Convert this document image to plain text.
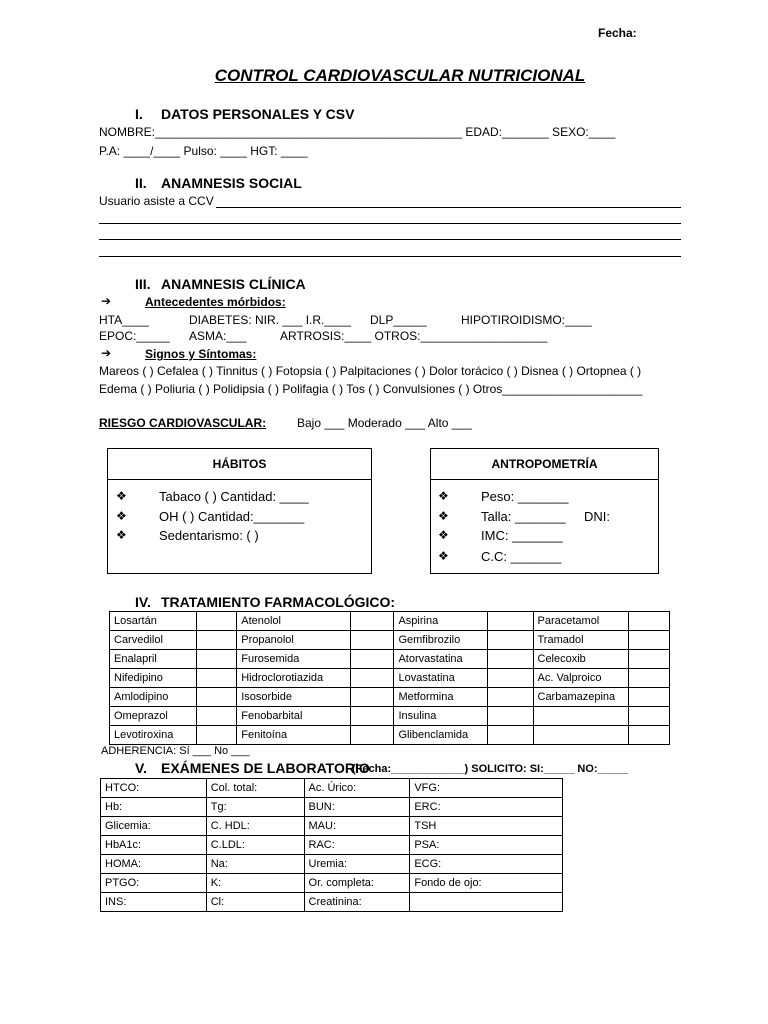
Fecha:
CONTROL CARDIOVASCULAR NUTRICIONAL
I. DATOS PERSONALES Y CSV
NOMBRE:______________________________________________ EDAD:_______ SEXO:____
P.A: ____/____ Pulso: ____ HGT: ____
II. ANAMNESIS SOCIAL
Usuario asiste a CCV
III. ANAMNESIS CLÍNICA
➔	Antecedentes mórbidos:
HTA____	DIABETES: NIR. ___ I.R.____ DLP_____	HIPOTIROIDISMO:____
EPOC:_____ ASMA:___	ARTROSIS:____ OTROS:___________________
➔	Signos y Síntomas:
Mareos ( ) Cefalea ( ) Tinnitus ( ) Fotopsia ( ) Palpitaciones ( ) Dolor torácico ( ) Disnea ( ) Ortopnea ( )
Edema ( ) Poliuria ( ) Polidipsia ( ) Polifagia ( ) Tos ( ) Convulsiones ( ) Otros_____________________
RIESGO CARDIOVASCULAR:	Bajo ___ Moderado ___ Alto ___
HÁBITOS
❖ Tabaco ( ) Cantidad: ____
❖ OH ( ) Cantidad:_______
❖ Sedentarismo: ( )
ANTROPOMETRÍA
❖ Peso: _______
❖ Talla: _______ DNI:
❖ IMC: _______
❖ C.C: _______
IV. TRATAMIENTO FARMACOLÓGICO:
Losartán		Atenolol		Aspirina		Paracetamol	
Carvedilol		Propanolol		Gemfibrozilo		Tramadol	
Enalapril		Furosemida		Atorvastatina		Celecoxib	
Nifedipino		Hidroclorotiazida		Lovastatina		Ac. Valproico	
Amlodipino		Isosorbide		Metformina		Carbamazepina	
Omeprazol		Fenobarbital		Insulina			
Levotiroxina		Fenitoína		Glibenclamida			
ADHERENCIA: Sí ___ No ___
V. EXÁMENES DE LABORATORIO
(Fecha:____________) SOLICITO: SI:_____ NO:_____
HTCO:	Col. total:	Ac. Úrico:	VFG:
Hb:	Tg:	BUN:	ERC:
Glicemia:	C. HDL:	MAU:	TSH
HbA1c:	C.LDL:	RAC:	PSA:
HOMA:	Na:	Uremia:	ECG:
PTGO:	K:	Or. completa:	Fondo de ojo:
INS:	Cl:	Creatinina:	
